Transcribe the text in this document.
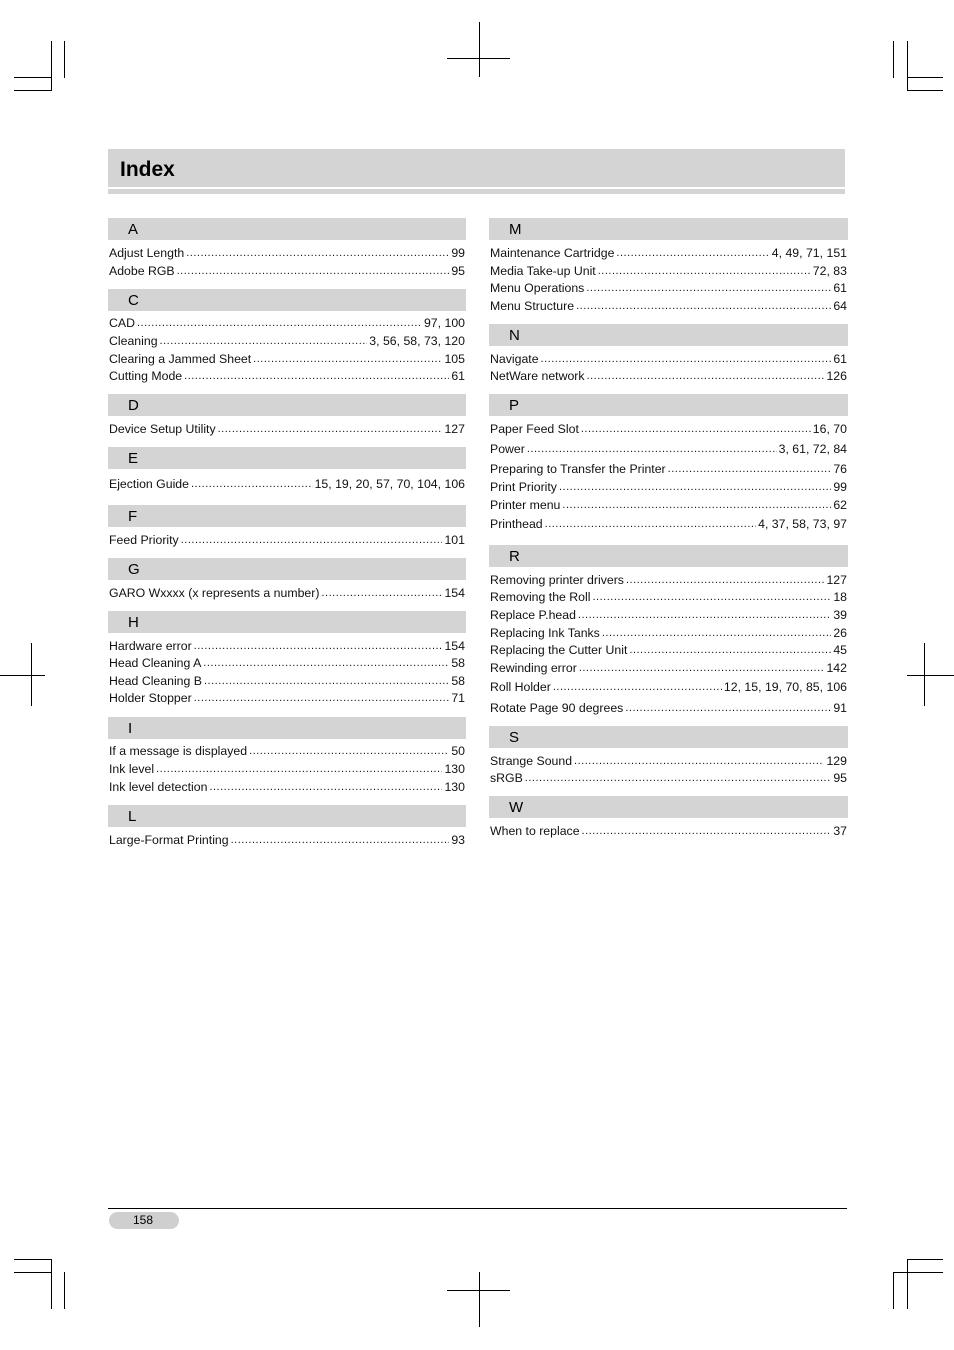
Index
A
Adjust Length .....	99
Adobe RGB .....	95
C
CAD .....	97, 100
Cleaning .....	3, 56, 58, 73, 120
Clearing a Jammed Sheet .....	105
Cutting Mode .....	61
D
Device Setup Utility .....	127
E
Ejection Guide .....	15, 19, 20, 57, 70, 104, 106
F
Feed Priority .....	101
G
GARO Wxxxx (x represents a number) .....	154
H
Hardware error .....	154
Head Cleaning A .....	58
Head Cleaning B .....	58
Holder Stopper .....	71
I
If a message is displayed .....	50
Ink level .....	130
Ink level detection .....	130
L
Large-Format Printing .....	93
M
Maintenance Cartridge .....	4, 49, 71, 151
Media Take-up Unit .....	72, 83
Menu Operations .....	61
Menu Structure .....	64
N
Navigate .....	61
NetWare network .....	126
P
Paper Feed Slot .....	16, 70
Power .....	3, 61, 72, 84
Preparing to Transfer the Printer .....	76
Print Priority .....	99
Printer menu .....	62
Printhead .....	4, 37, 58, 73, 97
R
Removing printer drivers .....	127
Removing the Roll .....	18
Replace P.head .....	39
Replacing Ink Tanks .....	26
Replacing the Cutter Unit .....	45
Rewinding error .....	142
Roll Holder .....	12, 15, 19, 70, 85, 106
Rotate Page 90 degrees .....	91
S
Strange Sound .....	129
sRGB .....	95
W
When to replace .....	37
158
